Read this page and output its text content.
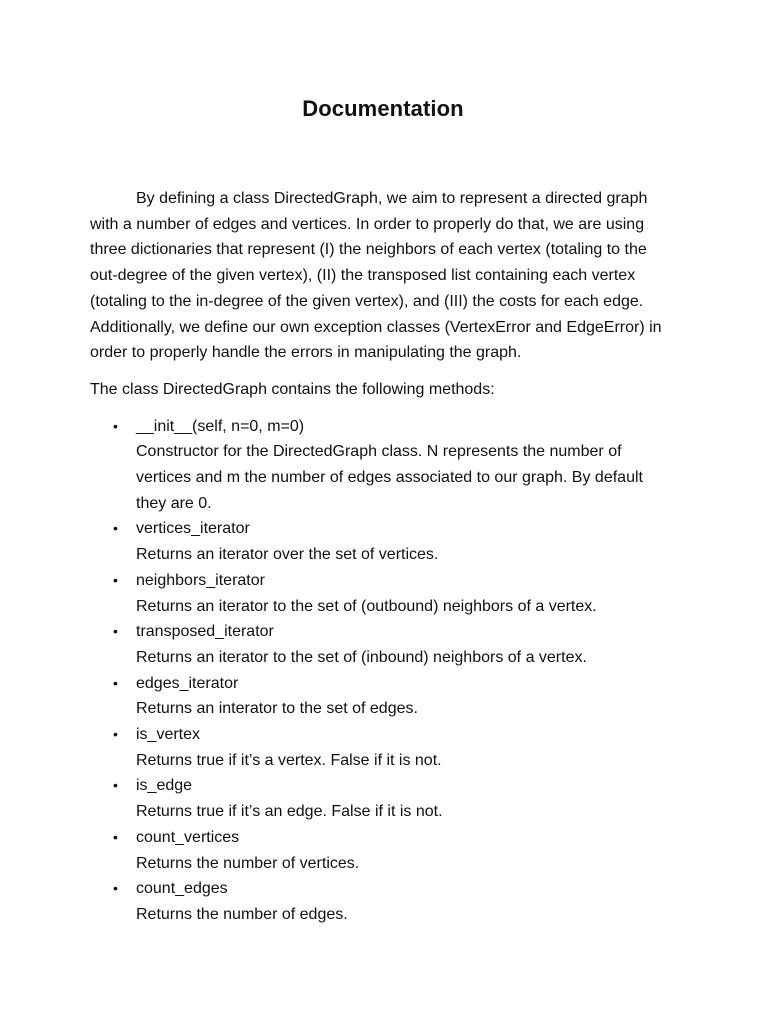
Documentation

By defining a class DirectedGraph, we aim to represent a directed graph with a number of edges and vertices. In order to properly do that, we are using three dictionaries that represent (I) the neighbors of each vertex (totaling to the out-degree of the given vertex), (II) the transposed list containing each vertex (totaling to the in-degree of the given vertex), and (III) the costs for each edge. Additionally, we define our own exception classes (VertexError and EdgeError) in order to properly handle the errors in manipulating the graph.

The class DirectedGraph contains the following methods:

• __init__(self, n=0, m=0)
Constructor for the DirectedGraph class. N represents the number of vertices and m the number of edges associated to our graph. By default they are 0.
• vertices_iterator
Returns an iterator over the set of vertices.
• neighbors_iterator
Returns an iterator to the set of (outbound) neighbors of a vertex.
• transposed_iterator
Returns an iterator to the set of (inbound) neighbors of a vertex.
• edges_iterator
Returns an interator to the set of edges.
• is_vertex
Returns true if it’s a vertex. False if it is not.
• is_edge
Returns true if it’s an edge. False if it is not.
• count_vertices
Returns the number of vertices.
• count_edges
Returns the number of edges.
